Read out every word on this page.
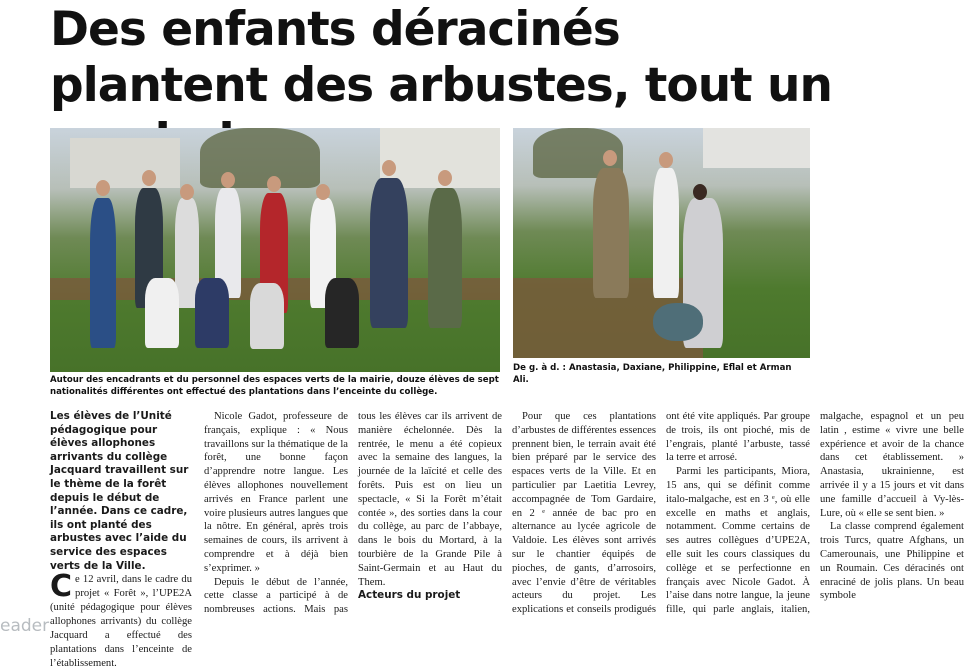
Des enfants déracinés plantent des arbustes, tout un

Autour des encadrants et du personnel des espaces verts de la mairie, douze élèves de sept nationalités différentes ont effectué des plantations dans l’enceinte du collège.

De g. à d. : Anastasia, Daxiane, Philippine, Eflal et Arman Ali.

Les élèves de l’Unité pédagogique pour élèves allophones arrivants du collège Jacquard travaillent sur le thème de la forêt depuis le début de l’année. Dans ce cadre, ils ont planté des arbustes avec l’aide du service des espaces verts de la Ville.

Ce 12 avril, dans le cadre du projet « Forêt », l’UPE2A (unité pédagogique pour élèves allophones arrivants) du collège Jacquard a effectué des plantations dans l’enceinte de l’établissement.

eader

Nicole Gadot, professeure de français, explique : « Nous travaillons sur la thématique de la forêt, une bonne façon d’apprendre notre langue. Les élèves allophones nouvellement arrivés en France parlent une voire plusieurs autres langues que la nôtre. En général, après trois semaines de cours, ils arrivent à comprendre et à déjà bien s’exprimer. »

Depuis le début de l’année, cette classe a participé à de nombreuses actions. Mais pas tous les élèves car ils arrivent de manière échelonnée. Dès la rentrée, le menu a été copieux avec la semaine des langues, la journée de la laïcité et celle des forêts. Puis est on lieu un spectacle, « Si la Forêt m’était contée », des sorties dans la cour du collège, au parc de l’abbaye, dans le bois du Mortard, à la tourbière de la Grande Pile à Saint-Germain et au Haut du Them.

Acteurs du projet

Pour que ces plantations d’arbustes de différentes essences prennent bien, le terrain avait été bien préparé par le service des espaces verts de la Ville. Et en particulier par Laetitia Levrey, accompagnée de Tom Gardaire, en 2 ᵉ année de bac pro en alternance au lycée agricole de Valdoie. Les élèves sont arrivés sur le chantier équipés de pioches, de gants, d’arrosoirs, avec l’envie d’être de véritables acteurs du projet. Les explications et conseils prodigués ont été vite appliqués. Par groupe de trois, ils ont pioché, mis de l’engrais, planté l’arbuste, tassé la terre et arrosé.

Parmi les participants, Miora, 15 ans, qui se définit comme italo-malgache, est en 3 ᵉ, où elle excelle en maths et anglais, notamment. Comme certains de ses autres collègues d’UPE2A, elle suit les cours classiques du collège et se perfectionne en français avec Nicole Gadot. À l’aise dans notre langue, la jeune fille, qui parle anglais, italien, malgache, espagnol et un peu latin , estime « vivre une belle expérience et avoir de la chance dans cet établissement. » Anastasia, ukrainienne, est arrivée il y a 15 jours et vit dans une famille d’accueil à Vy-lès-Lure, où « elle se sent bien. »

La classe comprend également trois Turcs, quatre Afghans, un Camerounais, une Philippine et un Roumain. Ces déracinés ont enraciné de jolis plans. Un beau symbole
